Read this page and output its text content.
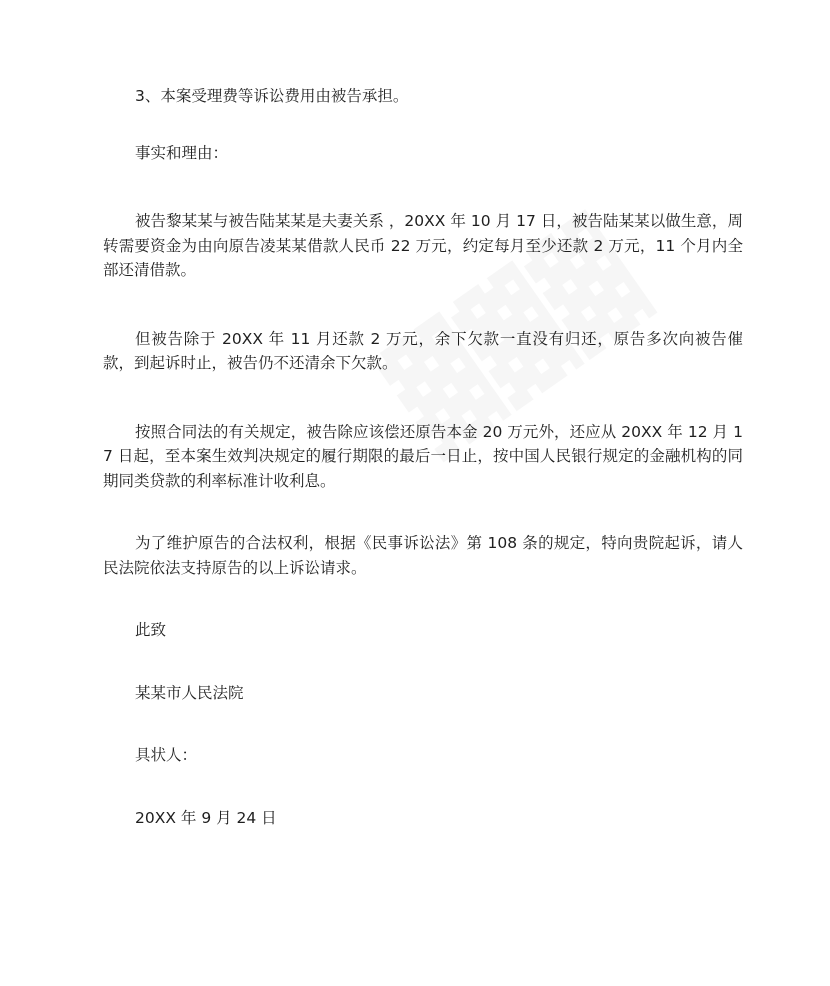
3、本案受理费等诉讼费用由被告承担。

事实和理由：

被告黎某某与被告陆某某是夫妻关系 ，20XX 年 10 月 17 日，被告陆某某以做生意，周转需要资金为由向原告凌某某借款人民币 22 万元，约定每月至少还款 2 万元，11 个月内全部还清借款。

但被告除于 20XX 年 11 月还款 2 万元，余下欠款一直没有归还，原告多次向被告催款，到起诉时止，被告仍不还清余下欠款。

按照合同法的有关规定，被告除应该偿还原告本金 20 万元外，还应从 20XX 年 12 月 17 日起，至本案生效判决规定的履行期限的最后一日止，按中国人民银行规定的金融机构的同期同类贷款的利率标准计收利息。

为了维护原告的合法权利，根据《民事诉讼法》第 108 条的规定，特向贵院起诉，请人民法院依法支持原告的以上诉讼请求。

此致

某某市人民法院

具状人：

20XX 年 9 月 24 日
